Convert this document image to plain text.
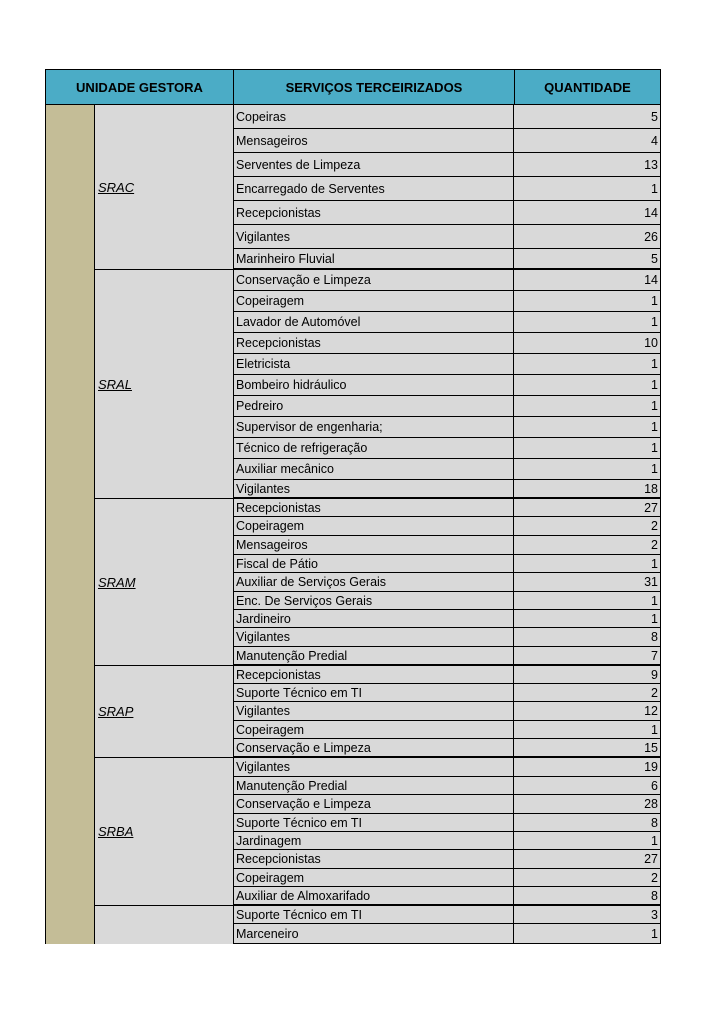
UNIDADE GESTORA	SERVIÇOS TERCEIRIZADOS	QUANTIDADE
SRAC
Copeiras	5
Mensageiros	4
Serventes de Limpeza	13
Encarregado de Serventes	1
Recepcionistas	14
Vigilantes	26
Marinheiro Fluvial	5
SRAL
Conservação e Limpeza	14
Copeiragem	1
Lavador de Automóvel	1
Recepcionistas	10
Eletricista	1
Bombeiro hidráulico	1
Pedreiro	1
Supervisor de engenharia;	1
Técnico de refrigeração	1
Auxiliar mecânico	1
Vigilantes	18
SRAM
Recepcionistas	27
Copeiragem	2
Mensageiros	2
Fiscal de Pátio	1
Auxiliar de Serviços Gerais	31
Enc. De Serviços Gerais	1
Jardineiro	1
Vigilantes	8
Manutenção Predial	7
SRAP
Recepcionistas	9
Suporte Técnico em TI	2
Vigilantes	12
Copeiragem	1
Conservação e Limpeza	15
SRBA
Vigilantes	19
Manutenção Predial	6
Conservação e Limpeza	28
Suporte Técnico em TI	8
Jardinagem	1
Recepcionistas	27
Copeiragem	2
Auxiliar de Almoxarifado	8
Suporte Técnico em TI	3
Marceneiro	1
